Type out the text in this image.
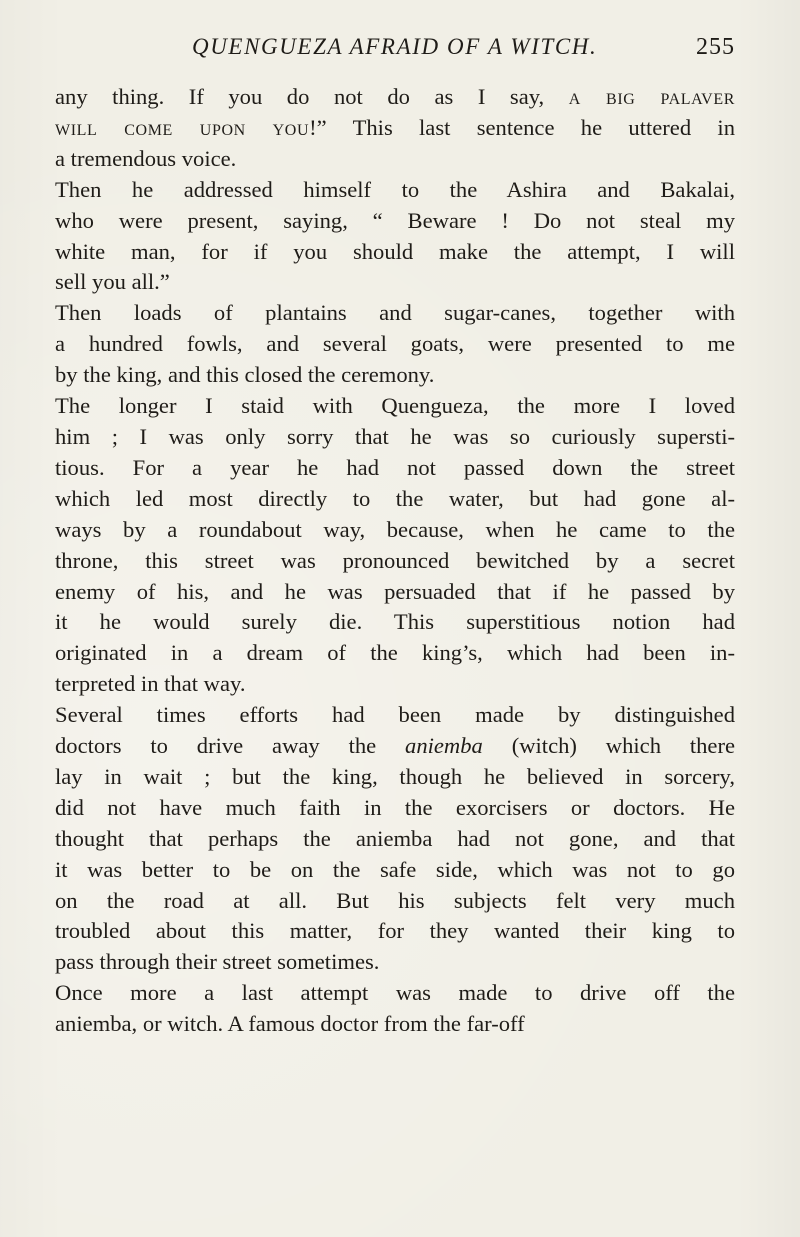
QUENGUEZA AFRAID OF A WITCH.	255

any thing. If you do not do as I say, a big palaver
will come upon you!” This last sentence he uttered in
a tremendous voice.

Then he addressed himself to the Ashira and Bakalai,
who were present, saying, “ Beware ! Do not steal my
white man, for if you should make the attempt, I will
sell you all.”

Then loads of plantains and sugar-canes, together with
a hundred fowls, and several goats, were presented to me
by the king, and this closed the ceremony.

The longer I staid with Quengueza, the more I loved
him ; I was only sorry that he was so curiously supersti-
tious. For a year he had not passed down the street
which led most directly to the water, but had gone al-
ways by a roundabout way, because, when he came to the
throne, this street was pronounced bewitched by a secret
enemy of his, and he was persuaded that if he passed by
it he would surely die. This superstitious notion had
originated in a dream of the king’s, which had been in-
terpreted in that way.

Several times efforts had been made by distinguished
doctors to drive away the aniemba (witch) which there
lay in wait ; but the king, though he believed in sorcery,
did not have much faith in the exorcisers or doctors. He
thought that perhaps the aniemba had not gone, and that
it was better to be on the safe side, which was not to go
on the road at all. But his subjects felt very much
troubled about this matter, for they wanted their king to
pass through their street sometimes.

Once more a last attempt was made to drive off the
aniemba, or witch. A famous doctor from the far-off
